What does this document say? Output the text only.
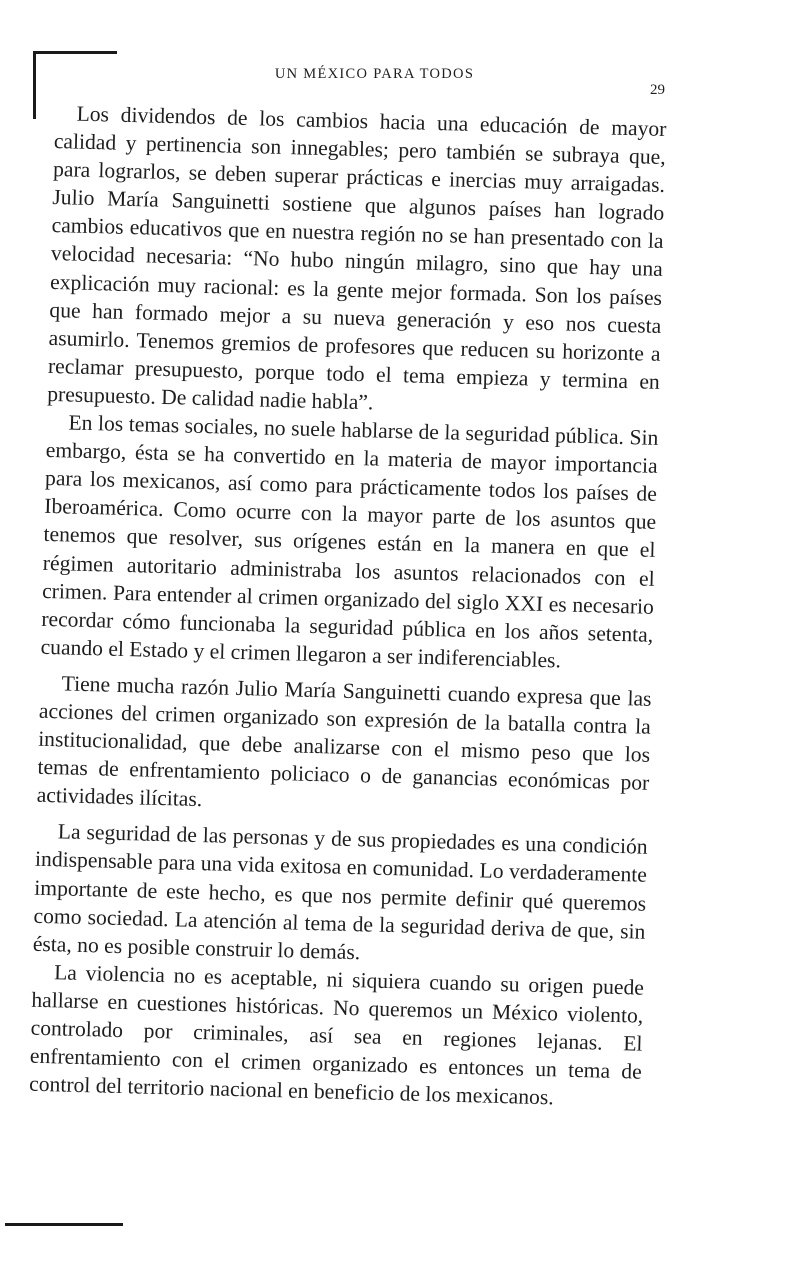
UN MÉXICO PARA TODOS
29

Los dividendos de los cambios hacia una educación de mayor calidad y pertinencia son innegables; pero también se subraya que, para lograrlos, se deben superar prácticas e inercias muy arraigadas. Julio María Sanguinetti sostiene que algunos países han logrado cambios educativos que en nuestra región no se han presentado con la velocidad necesaria: “No hubo ningún milagro, sino que hay una explicación muy racional: es la gente mejor formada. Son los países que han formado mejor a su nueva generación y eso nos cuesta asumirlo. Tenemos gremios de profesores que reducen su horizonte a reclamar presupuesto, porque todo el tema empieza y termina en presupuesto. De calidad nadie habla”.

En los temas sociales, no suele hablarse de la seguridad pública. Sin embargo, ésta se ha convertido en la materia de mayor importancia para los mexicanos, así como para prácticamente todos los países de Iberoamérica. Como ocurre con la mayor parte de los asuntos que tenemos que resolver, sus orígenes están en la manera en que el régimen autoritario administraba los asuntos relacionados con el crimen. Para entender al crimen organizado del siglo XXI es necesario recordar cómo funcionaba la seguridad pública en los años setenta, cuando el Estado y el crimen llegaron a ser indiferenciables.

Tiene mucha razón Julio María Sanguinetti cuando expresa que las acciones del crimen organizado son expresión de la batalla contra la institucionalidad, que debe analizarse con el mismo peso que los temas de enfrentamiento policiaco o de ganancias económicas por actividades ilícitas.

La seguridad de las personas y de sus propiedades es una condición indispensable para una vida exitosa en comunidad. Lo verdaderamente importante de este hecho, es que nos permite definir qué queremos como sociedad. La atención al tema de la seguridad deriva de que, sin ésta, no es posible construir lo demás.

La violencia no es aceptable, ni siquiera cuando su origen puede hallarse en cuestiones históricas. No queremos un México violento, controlado por criminales, así sea en regiones lejanas. El enfrentamiento con el crimen organizado es entonces un tema de control del territorio nacional en beneficio de los mexicanos.
